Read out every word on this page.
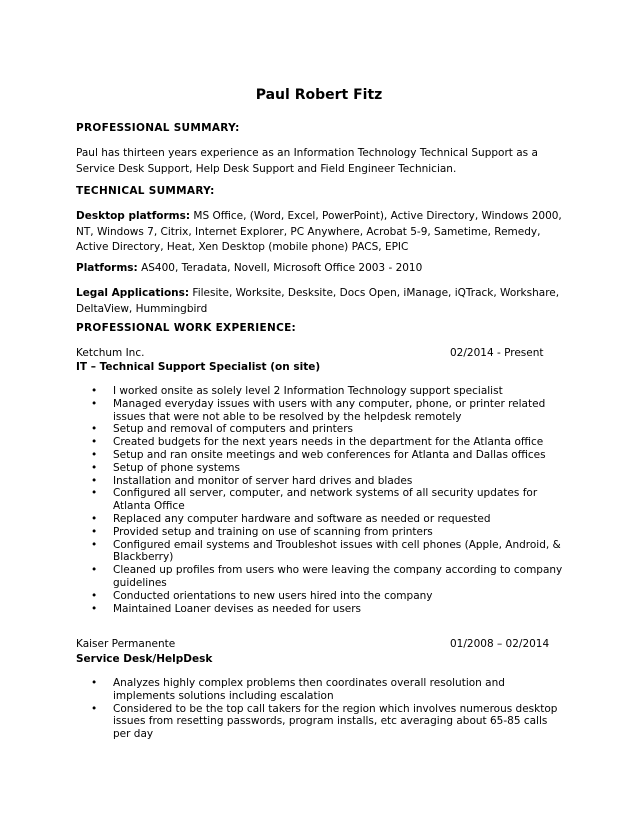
Paul Robert Fitz
PROFESSIONAL SUMMARY:
Paul has thirteen years experience as an Information Technology Technical Support as a Service Desk Support, Help Desk Support and Field Engineer Technician.
TECHNICAL SUMMARY:
Desktop platforms: MS Office, (Word, Excel, PowerPoint), Active Directory, Windows 2000, NT, Windows 7, Citrix, Internet Explorer, PC Anywhere, Acrobat 5-9, Sametime, Remedy, Active Directory, Heat, Xen Desktop (mobile phone) PACS, EPIC
Platforms: AS400, Teradata, Novell, Microsoft Office 2003 - 2010
Legal Applications: Filesite, Worksite, Desksite, Docs Open, iManage, iQTrack, Workshare, DeltaView, Hummingbird
PROFESSIONAL WORK EXPERIENCE:
Ketchum Inc.	02/2014 - Present
IT – Technical Support Specialist (on site)
• I worked onsite as solely level 2 Information Technology support specialist
• Managed everyday issues with users with any computer, phone, or printer related issues that were not able to be resolved by the helpdesk remotely
• Setup and removal of computers and printers
• Created budgets for the next years needs in the department for the Atlanta office
• Setup and ran onsite meetings and web conferences for Atlanta and Dallas offices
• Setup of phone systems
• Installation and monitor of server hard drives and blades
• Configured all server, computer, and network systems of all security updates for Atlanta Office
• Replaced any computer hardware and software as needed or requested
• Provided setup and training on use of scanning from printers
• Configured email systems and Troubleshot issues with cell phones (Apple, Android, & Blackberry)
• Cleaned up profiles from users who were leaving the company according to company guidelines
• Conducted orientations to new users hired into the company
• Maintained Loaner devises as needed for users
Kaiser Permanente	01/2008 – 02/2014
Service Desk/HelpDesk
• Analyzes highly complex problems then coordinates overall resolution and implements solutions including escalation
• Considered to be the top call takers for the region which involves numerous desktop issues from resetting passwords, program installs, etc averaging about 65-85 calls per day
